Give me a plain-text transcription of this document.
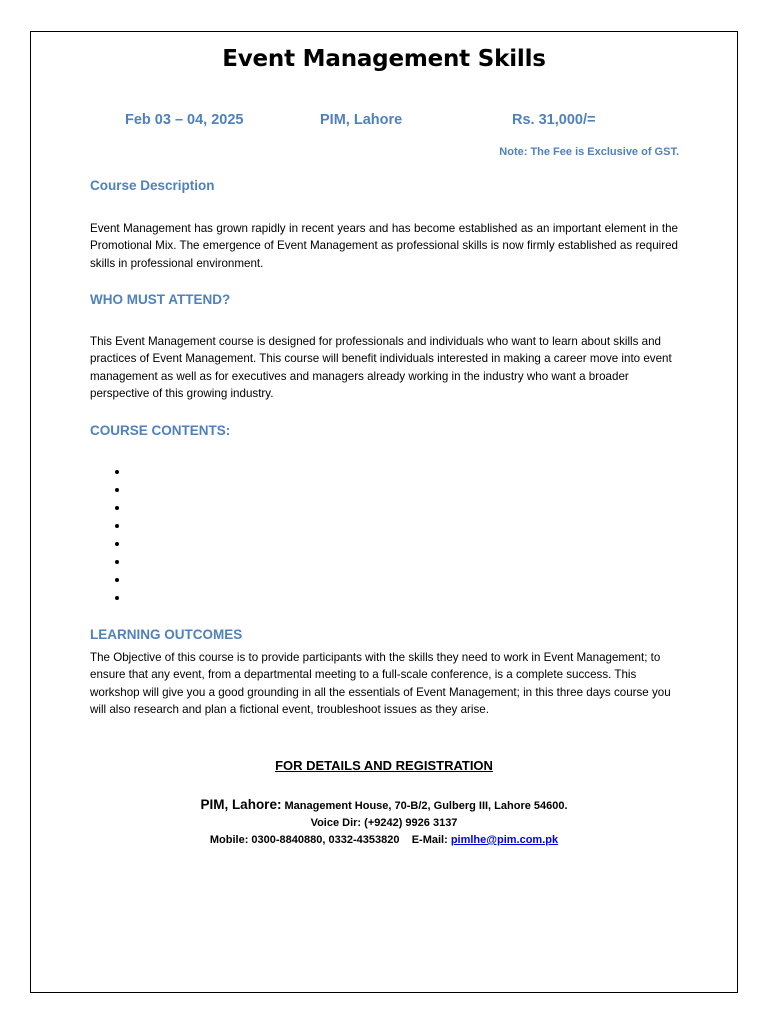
Event Management Skills
Feb 03 – 04, 2025	PIM, Lahore	Rs. 31,000/=
Note: The Fee is Exclusive of GST.
Course Description
Event Management has grown rapidly in recent years and has become established as an important element in the Promotional Mix. The emergence of Event Management as professional skills is now firmly established as required skills in professional environment.
WHO MUST ATTEND?
This Event Management course is designed for professionals and individuals who want to learn about skills and practices of Event Management. This course will benefit individuals interested in making a career move into event management as well as for executives and managers already working in the industry who want a broader perspective of this growing industry.
COURSE CONTENTS:
LEARNING OUTCOMES
The Objective of this course is to provide participants with the skills they need to work in Event Management; to ensure that any event, from a departmental meeting to a full-scale conference, is a complete success. This workshop will give you a good grounding in all the essentials of Event Management; in this three days course you will also research and plan a fictional event, troubleshoot issues as they arise.
FOR DETAILS AND REGISTRATION
PIM, Lahore: Management House, 70-B/2, Gulberg III, Lahore 54600.
Voice Dir: (+9242) 9926 3137
Mobile: 0300-8840880, 0332-4353820 E-Mail: pimlhe@pim.com.pk
